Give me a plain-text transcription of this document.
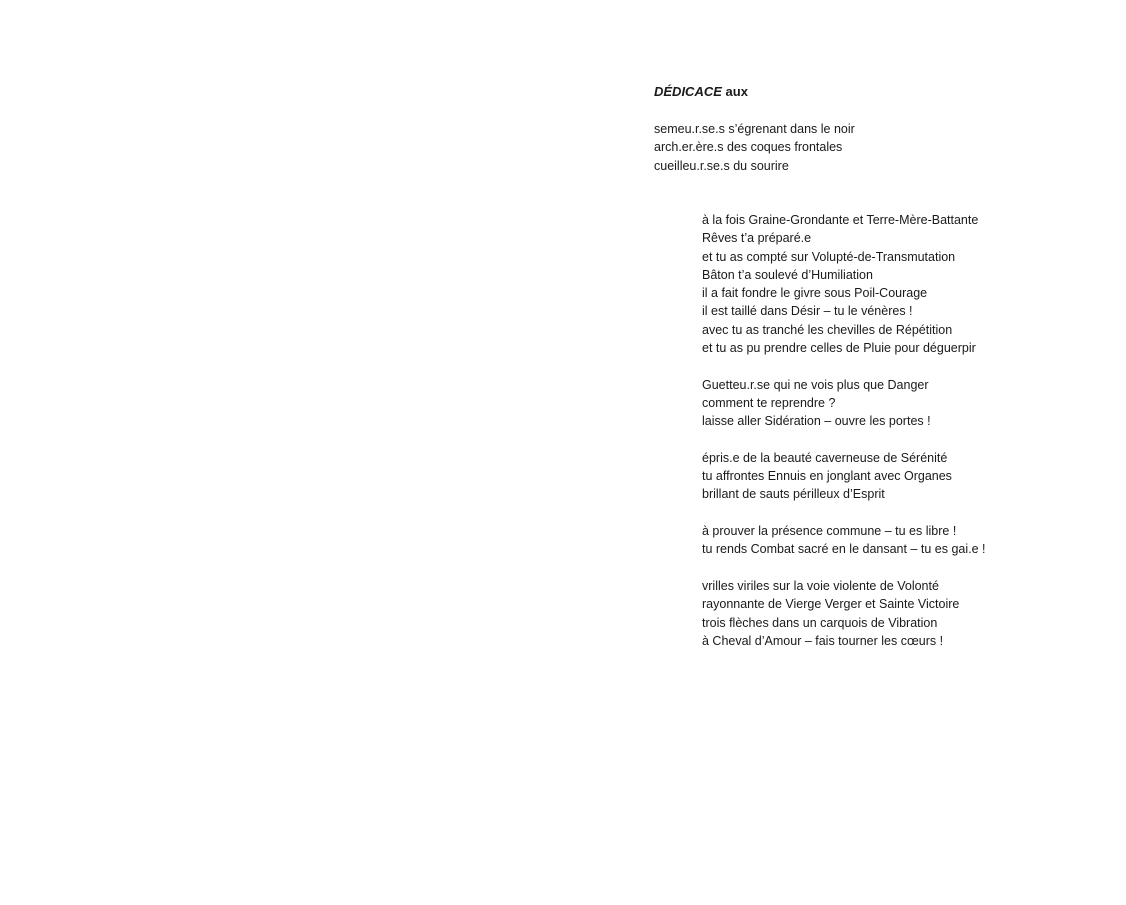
DÉDICACE aux
semeu.r.se.s s’égrenant dans le noir
arch.er.ère.s des coques frontales
cueilleu.r.se.s du sourire
à la fois Graine-Grondante et Terre-Mère-Battante
Rêves t’a préparé.e
et tu as compté sur Volupté-de-Transmutation
Bâton t’a soulevé d’Humiliation
il a fait fondre le givre sous Poil-Courage
il est taillé dans Désir – tu le vénères !
avec tu as tranché les chevilles de Répétition
et tu as pu prendre celles de Pluie pour déguerpir
Guetteu.r.se qui ne vois plus que Danger
comment te reprendre ?
laisse aller Sidération – ouvre les portes !
épris.e de la beauté caverneuse de Sérénité
tu affrontes Ennuis en jonglant avec Organes
brillant de sauts périlleux d’Esprit
à prouver la présence commune – tu es libre !
tu rends Combat sacré en le dansant – tu es gai.e !
vrilles viriles sur la voie violente de Volonté
rayonnante de Vierge Verger et Sainte Victoire
trois flèches dans un carquois de Vibration
à Cheval d’Amour – fais tourner les cœurs !
